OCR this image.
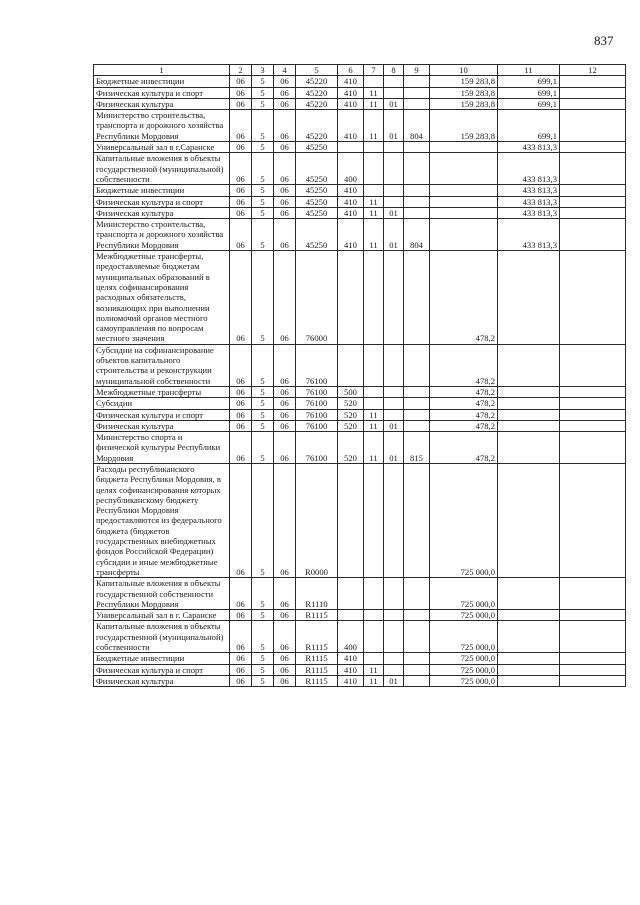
837
1	2	3	4	5	6	7	8	9	10	11	12
Бюджетные инвестиции	06	5	06	45220	410				159 283,8	699,1	
Физическая культура и спорт	06	5	06	45220	410	11			159 283,8	699,1	
Физическая культура	06	5	06	45220	410	11	01		159 283,8	699,1	
Министерство строительства, транспорта и дорожного хозяйства Республики Мордовия	06	5	06	45220	410	11	01	804	159 283,8	699,1	
Универсальный зал в г.Саранске	06	5	06	45250						433 813,3	
Капитальные вложения в объекты государственной (муниципальной) собственности	06	5	06	45250	400					433 813,3	
Бюджетные инвестиции	06	5	06	45250	410					433 813,3	
Физическая культура и спорт	06	5	06	45250	410	11				433 813,3	
Физическая культура	06	5	06	45250	410	11	01			433 813,3	
Министерство строительства, транспорта и дорожного хозяйства Республики Мордовия	06	5	06	45250	410	11	01	804		433 813,3	
Межбюджетные трансферты, предоставляемые бюджетам муниципальных образований в целях софинансирования расходных обязательств, возникающих при выполнении полномочий органов местного самоуправления по вопросам местного значения	06	5	06	76000					478,2		
Субсидии на софинансирование объектов капитального строительства и реконструкции муниципальной собственности	06	5	06	76100					478,2		
Межбюджетные трансферты	06	5	06	76100	500				478,2		
Субсидии	06	5	06	76100	520				478,2		
Физическая культура и спорт	06	5	06	76100	520	11			478,2		
Физическая культура	06	5	06	76100	520	11	01		478,2		
Министерство спорта и физической культуры Республики Мордовия	06	5	06	76100	520	11	01	815	478,2		
Расходы республиканского бюджета Республики Мордовия, в целях софинансирования которых республиканскому бюджету Республики Мордовия предоставляются из федерального бюджета (бюджетов государственных внебюджетных фондов Российской Федерации) субсидии и иные межбюджетные трансферты	06	5	06	R0000					725 000,0		
Капитальные вложения в объекты государственной собственности Республики Мордовия	06	5	06	R1110					725 000,0		
Универсальный зал в г. Саранске	06	5	06	R1115					725 000,0		
Капитальные вложения в объекты государственной (муниципальной) собственности	06	5	06	R1115	400				725 000,0		
Бюджетные инвестиции	06	5	06	R1115	410				725 000,0		
Физическая культура и спорт	06	5	06	R1115	410	11			725 000,0		
Физическая культура	06	5	06	R1115	410	11	01		725 000,0		
